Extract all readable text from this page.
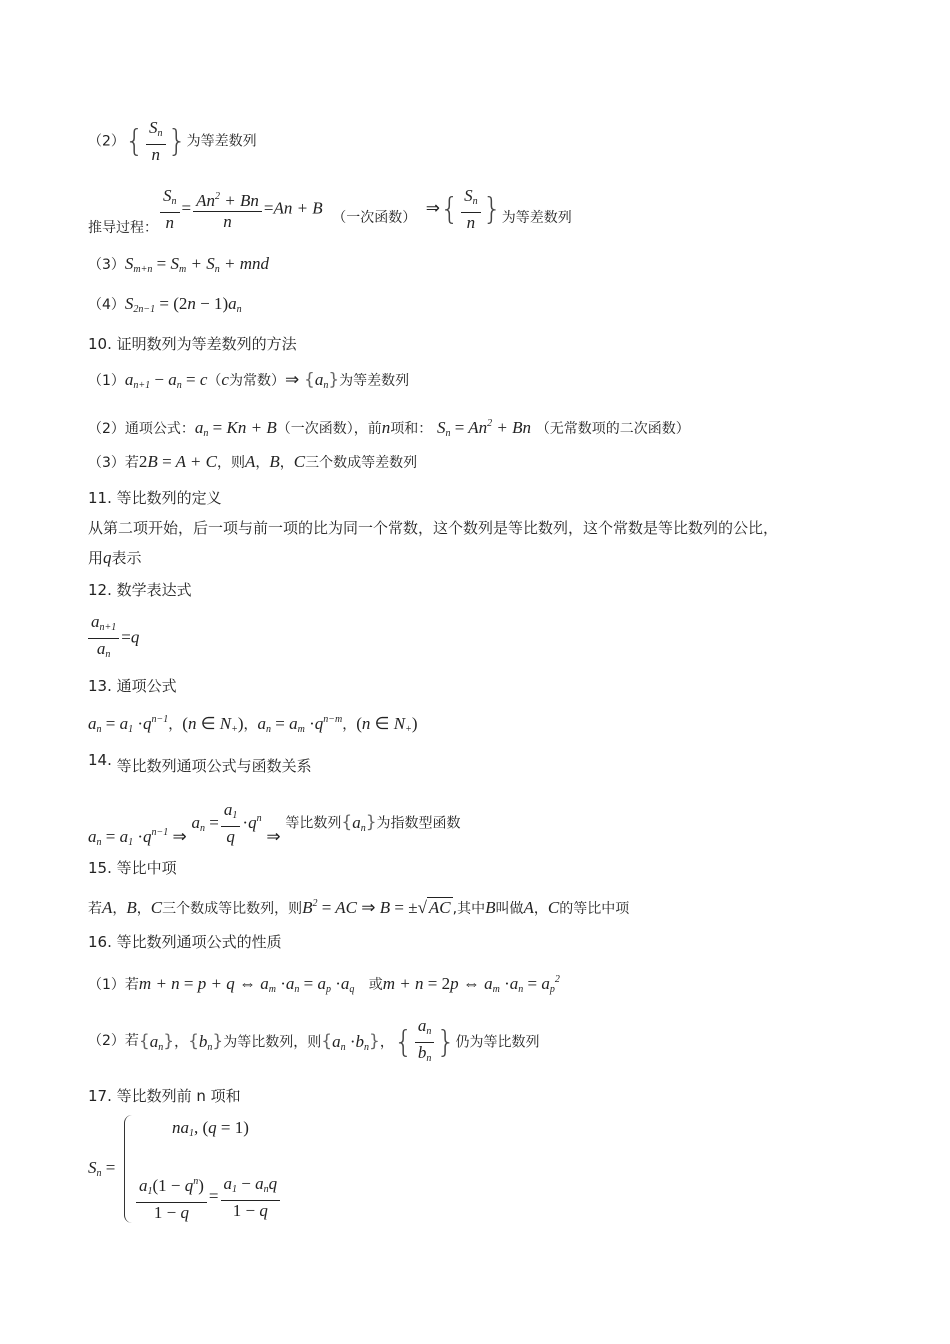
$(2)\{ \frac{S_n}{n}$ }为等差数列
推导过程： $\frac{S_n}{n} = \frac{An^2 + Bn}{n} =An + B$ （一次函数） ⇒{ $\frac{S_n}{n}$ }为等差数列
$(3)S_{m+n} = S_m + S_n$ + mnd
$(4)S_{2n-1} = (2n - 1)a_n$
10. 证明数列为等差数列的方法
$(1)a_{n+1} - a_n = c(c$为常数）⇒ $\{a_n\}$为等差数列
（2）通项公式：$a_n = Kn + B$（一次函数），前n项和： $S_n = An^2 + Bn$ （无常数项的二次函数）
（3）若2B = A + C，则A，B，C三个数成等差数列
11. 等比数列的定义
从第二项开始，后一项与前一项的比为同一个常数，这个数列是等比数列，这个常数是等比数列的公比，
用q表示
12. 数学表达式
$\frac{a_{n+1}}{a_n} =q$
13. 通项公式
$a_n = a_1 \cdot q^{n-1}$，(n ∈ $N_+$)，$a_n = a_m \cdot q^{n-m}$，(n ∈ $N_+$)
14. 等比数列通项公式与函数关系
$a_n = a_1 \cdot q^{n-1}$ ⇒ $a_n = \frac{a_1}{q} \cdot q^n$ ⇒ 等比数列$\{a_n\}$为指数型函数
15. 等比中项
若A，B，C三个数成等比数列，则$B^2$ = AC ⇒ B = ±√ AC ,其中B叫做A，C的等比中项
16. 等比数列通项公式的性质
（1）若m + n = p + q ⇔ $a_m \cdot a_n = a_p \cdot a_q$ 或m + n = 2p ⇔ $a_m \cdot a_n = a_p^2$
（2）若$\{a_n\}$，$\{b_n\}$为等比数列，则$\{a_n \cdot b_n\}$，{ $\frac{a_n}{b_n}$ }仍为等比数列
17. 等比数列前 n 项和
$S_n$ =
$na_1$, (q = 1)
$\frac{a_1(1 - q^n)}{1 - q} = \frac{a_1 - a_nq}{1 - q}$
